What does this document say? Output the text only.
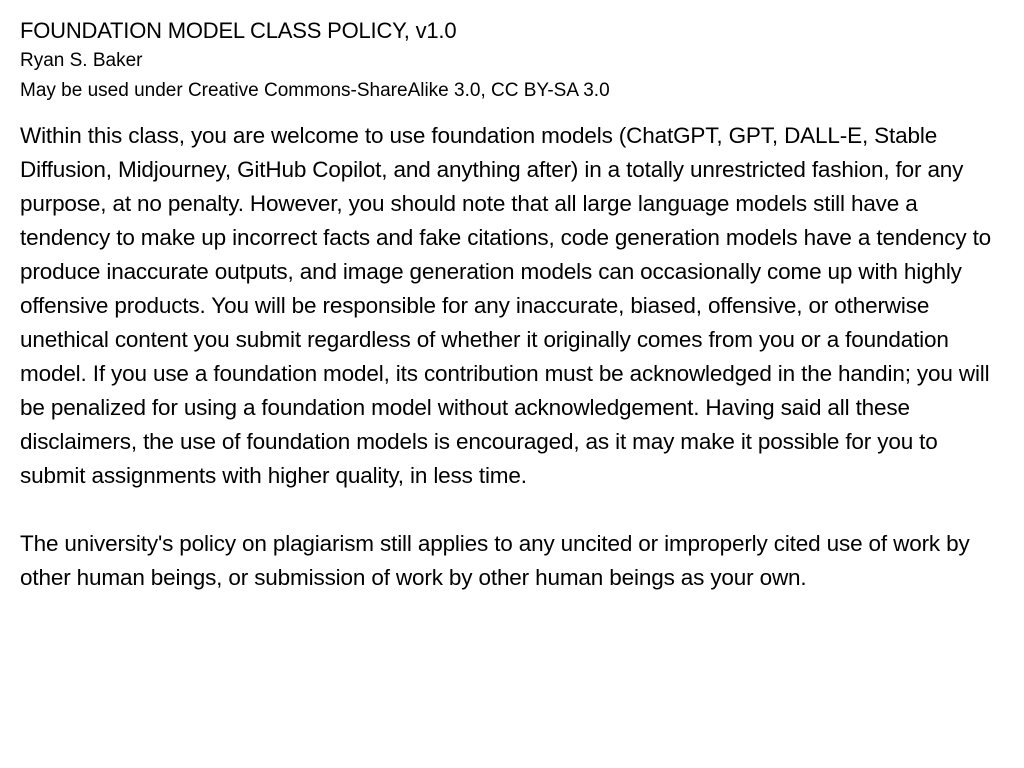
FOUNDATION MODEL CLASS POLICY, v1.0
Ryan S. Baker
May be used under Creative Commons-ShareAlike 3.0, CC BY-SA 3.0

Within this class, you are welcome to use foundation models (ChatGPT, GPT, DALL-E, Stable Diffusion, Midjourney, GitHub Copilot, and anything after) in a totally unrestricted fashion, for any purpose, at no penalty. However, you should note that all large language models still have a tendency to make up incorrect facts and fake citations, code generation models have a tendency to produce inaccurate outputs, and image generation models can occasionally come up with highly offensive products. You will be responsible for any inaccurate, biased, offensive, or otherwise unethical content you submit regardless of whether it originally comes from you or a foundation model. If you use a foundation model, its contribution must be acknowledged in the handin; you will be penalized for using a foundation model without acknowledgement. Having said all these disclaimers, the use of foundation models is encouraged, as it may make it possible for you to submit assignments with higher quality, in less time.

The university's policy on plagiarism still applies to any uncited or improperly cited use of work by other human beings, or submission of work by other human beings as your own.
